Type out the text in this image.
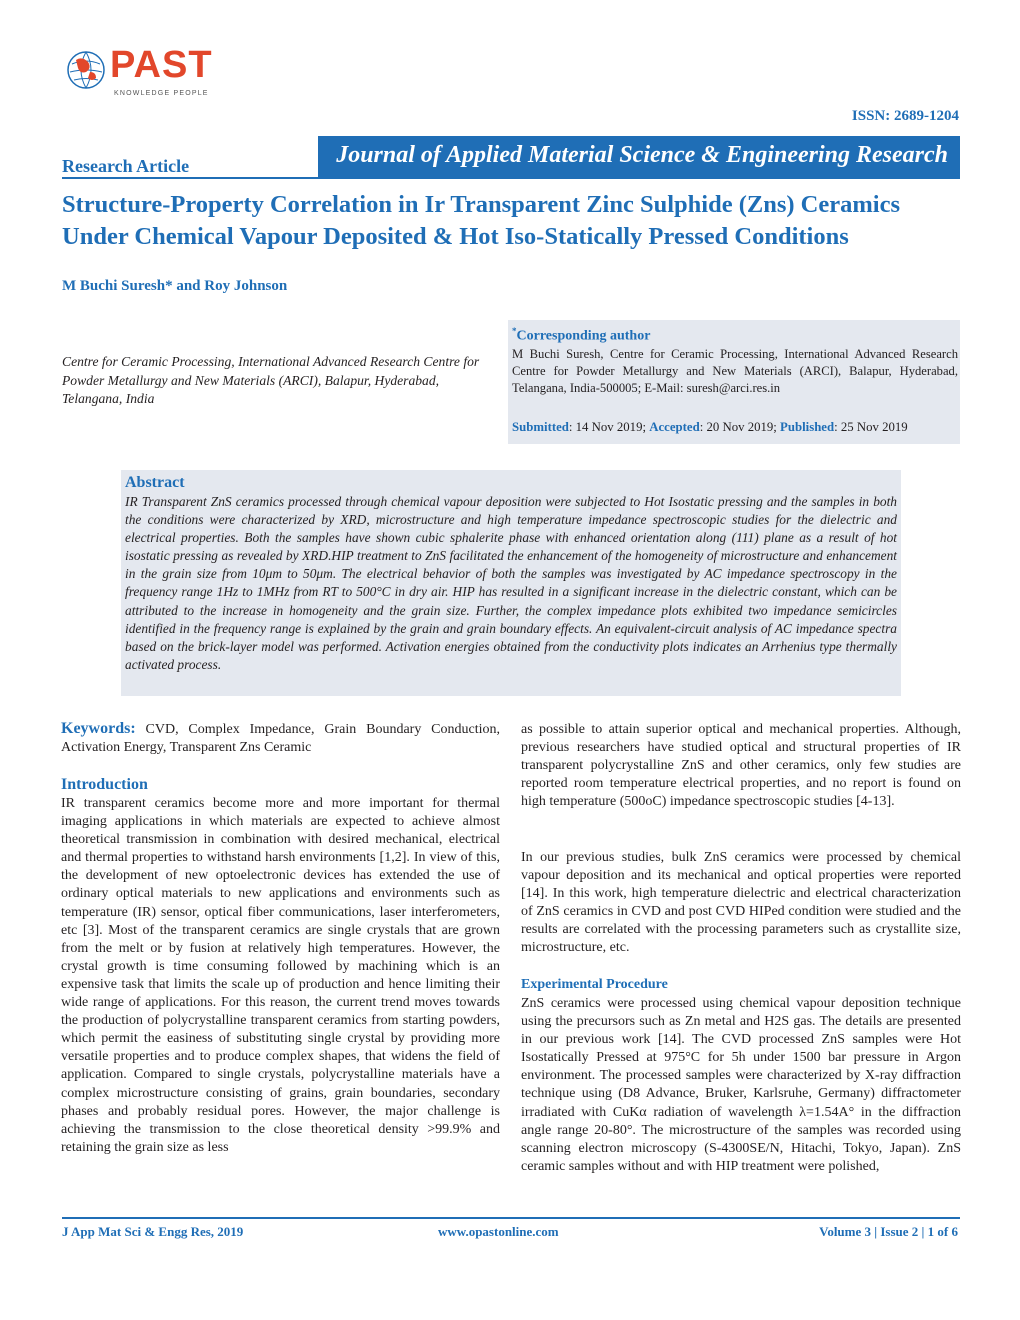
PAST
KNOWLEDGE PEOPLE
ISSN: 2689-1204
Research Article	Journal of Applied Material Science & Engineering Research
Structure-Property Correlation in Ir Transparent Zinc Sulphide (Zns) Ceramics Under Chemical Vapour Deposited & Hot Iso-Statically Pressed Conditions
M Buchi Suresh* and Roy Johnson
Centre for Ceramic Processing, International Advanced Research Centre for Powder Metallurgy and New Materials (ARCI), Balapur, Hyderabad, Telangana, India
*Corresponding author
M Buchi Suresh, Centre for Ceramic Processing, International Advanced Research Centre for Powder Metallurgy and New Materials (ARCI), Balapur, Hyderabad, Telangana, India-500005; E-Mail: suresh@arci.res.in
Submitted: 14 Nov 2019; Accepted: 20 Nov 2019; Published: 25 Nov 2019
Abstract
IR Transparent ZnS ceramics processed through chemical vapour deposition were subjected to Hot Isostatic pressing and the samples in both the conditions were characterized by XRD, microstructure and high temperature impedance spectroscopic studies for the dielectric and electrical properties. Both the samples have shown cubic sphalerite phase with enhanced orientation along (111) plane as a result of hot isostatic pressing as revealed by XRD.HIP treatment to ZnS facilitated the enhancement of the homogeneity of microstructure and enhancement in the grain size from 10μm to 50μm. The electrical behavior of both the samples was investigated by AC impedance spectroscopy in the frequency range 1Hz to 1MHz from RT to 500°C in dry air. HIP has resulted in a significant increase in the dielectric constant, which can be attributed to the increase in homogeneity and the grain size. Further, the complex impedance plots exhibited two impedance semicircles identified in the frequency range is explained by the grain and grain boundary effects. An equivalent-circuit analysis of AC impedance spectra based on the brick-layer model was performed. Activation energies obtained from the conductivity plots indicates an Arrhenius type thermally activated process.
Keywords: CVD, Complex Impedance, Grain Boundary Conduction, Activation Energy, Transparent Zns Ceramic
Introduction
IR transparent ceramics become more and more important for thermal imaging applications in which materials are expected to achieve almost theoretical transmission in combination with desired mechanical, electrical and thermal properties to withstand harsh environments [1,2]. In view of this, the development of new optoelectronic devices has extended the use of ordinary optical materials to new applications and environments such as temperature (IR) sensor, optical fiber communications, laser interferometers, etc [3]. Most of the transparent ceramics are single crystals that are grown from the melt or by fusion at relatively high temperatures. However, the crystal growth is time consuming followed by machining which is an expensive task that limits the scale up of production and hence limiting their wide range of applications. For this reason, the current trend moves towards the production of polycrystalline transparent ceramics from starting powders, which permit the easiness of substituting single crystal by providing more versatile properties and to produce complex shapes, that widens the field of application. Compared to single crystals, polycrystalline materials have a complex microstructure consisting of grains, grain boundaries, secondary phases and probably residual pores. However, the major challenge is achieving the transmission to the close theoretical density >99.9% and retaining the grain size as less
as possible to attain superior optical and mechanical properties. Although, previous researchers have studied optical and structural properties of IR transparent polycrystalline ZnS and other ceramics, only few studies are reported room temperature electrical properties, and no report is found on high temperature (500oC) impedance spectroscopic studies [4-13].
In our previous studies, bulk ZnS ceramics were processed by chemical vapour deposition and its mechanical and optical properties were reported [14]. In this work, high temperature dielectric and electrical characterization of ZnS ceramics in CVD and post CVD HIPed condition were studied and the results are correlated with the processing parameters such as crystallite size, microstructure, etc.
Experimental Procedure
ZnS ceramics were processed using chemical vapour deposition technique using the precursors such as Zn metal and H2S gas. The details are presented in our previous work [14]. The CVD processed ZnS samples were Hot Isostatically Pressed at 975°C for 5h under 1500 bar pressure in Argon environment. The processed samples were characterized by X-ray diffraction technique using (D8 Advance, Bruker, Karlsruhe, Germany) diffractometer irradiated with CuKα radiation of wavelength λ=1.54A° in the diffraction angle range 20-80°. The microstructure of the samples was recorded using scanning electron microscopy (S-4300SE/N, Hitachi, Tokyo, Japan). ZnS ceramic samples without and with HIP treatment were polished,
J App Mat Sci & Engg Res, 2019	www.opastonline.com	Volume 3 | Issue 2 | 1 of 6
